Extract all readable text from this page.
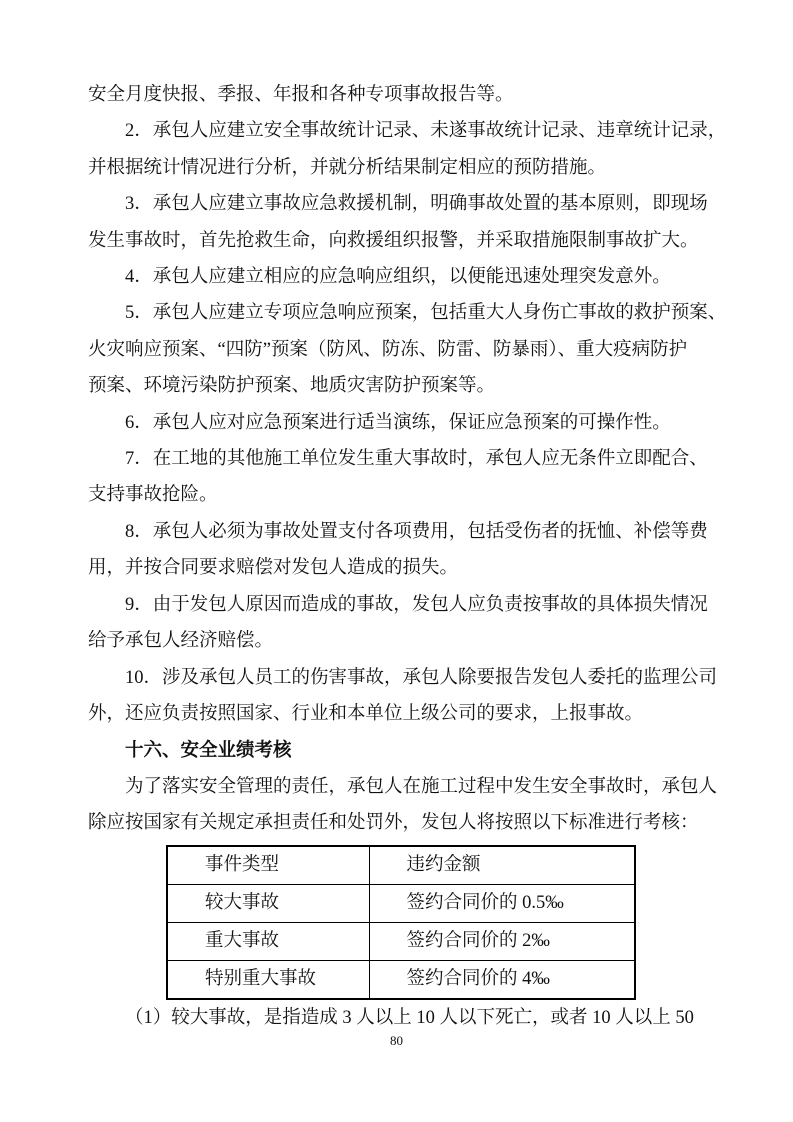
安全月度快报、季报、年报和各种专项事故报告等。
2．承包人应建立安全事故统计记录、未遂事故统计记录、违章统计记录，
并根据统计情况进行分析，并就分析结果制定相应的预防措施。
3．承包人应建立事故应急救援机制，明确事故处置的基本原则，即现场
发生事故时，首先抢救生命，向救援组织报警，并采取措施限制事故扩大。
4．承包人应建立相应的应急响应组织，以便能迅速处理突发意外。
5．承包人应建立专项应急响应预案，包括重大人身伤亡事故的救护预案、
火灾响应预案、“四防”预案（防风、防冻、防雷、防暴雨）、重大疫病防护
预案、环境污染防护预案、地质灾害防护预案等。
6．承包人应对应急预案进行适当演练，保证应急预案的可操作性。
7．在工地的其他施工单位发生重大事故时，承包人应无条件立即配合、
支持事故抢险。
8．承包人必须为事故处置支付各项费用，包括受伤者的抚恤、补偿等费
用，并按合同要求赔偿对发包人造成的损失。
9．由于发包人原因而造成的事故，发包人应负责按事故的具体损失情况
给予承包人经济赔偿。
10．涉及承包人员工的伤害事故，承包人除要报告发包人委托的监理公司
外，还应负责按照国家、行业和本单位上级公司的要求，上报事故。
十六、安全业绩考核
为了落实安全管理的责任，承包人在施工过程中发生安全事故时，承包人
除应按国家有关规定承担责任和处罚外，发包人将按照以下标准进行考核：
事件类型	违约金额
较大事故	签约合同价的 0.5‰
重大事故	签约合同价的 2‰
特别重大事故	签约合同价的 4‰
（1）较大事故，是指造成 3 人以上 10 人以下死亡，或者 10 人以上 50
80
